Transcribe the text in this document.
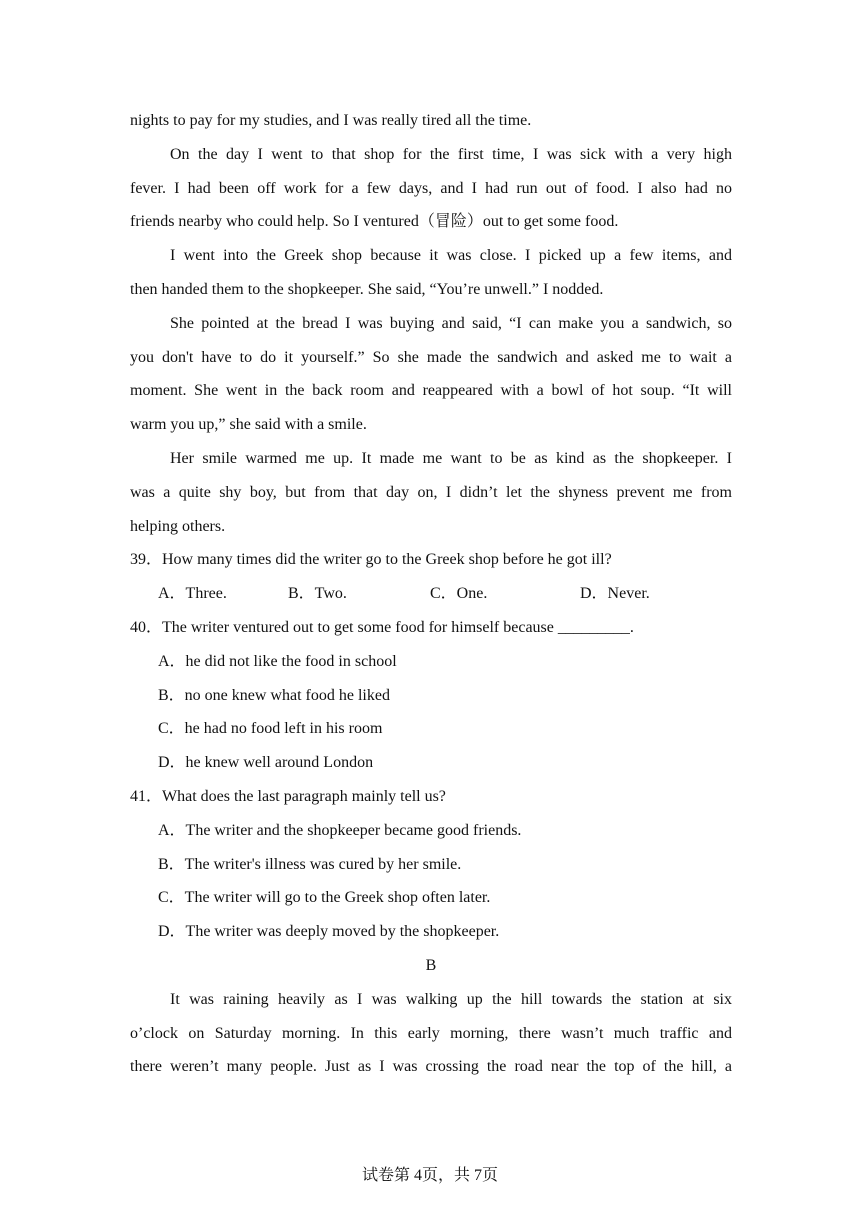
nights to pay for my studies, and I was really tired all the time.
On the day I went to that shop for the first time, I was sick with a very high
fever. I had been off work for a few days, and I had run out of food. I also had no
friends nearby who could help. So I ventured（冒险）out to get some food.
I went into the Greek shop because it was close. I picked up a few items, and
then handed them to the shopkeeper. She said, “You’re unwell.” I nodded.
She pointed at the bread I was buying and said, “I can make you a sandwich, so
you don't have to do it yourself.” So she made the sandwich and asked me to wait a
moment. She went in the back room and reappeared with a bowl of hot soup. “It will
warm you up,” she said with a smile.
Her smile warmed me up. It made me want to be as kind as the shopkeeper. I
was a quite shy boy, but from that day on, I didn’t let the shyness prevent me from
helping others.
39．How many times did the writer go to the Greek shop before he got ill?
A．Three.	B．Two.	C．One.	D．Never.
40．The writer ventured out to get some food for himself because _________.
A．he did not like the food in school
B．no one knew what food he liked
C．he had no food left in his room
D．he knew well around London
41．What does the last paragraph mainly tell us?
A．The writer and the shopkeeper became good friends.
B．The writer's illness was cured by her smile.
C．The writer will go to the Greek shop often later.
D．The writer was deeply moved by the shopkeeper.
B
It was raining heavily as I was walking up the hill towards the station at six
o’clock on Saturday morning. In this early morning, there wasn’t much traffic and
there weren’t many people. Just as I was crossing the road near the top of the hill, a
试卷第 4页，共 7页
